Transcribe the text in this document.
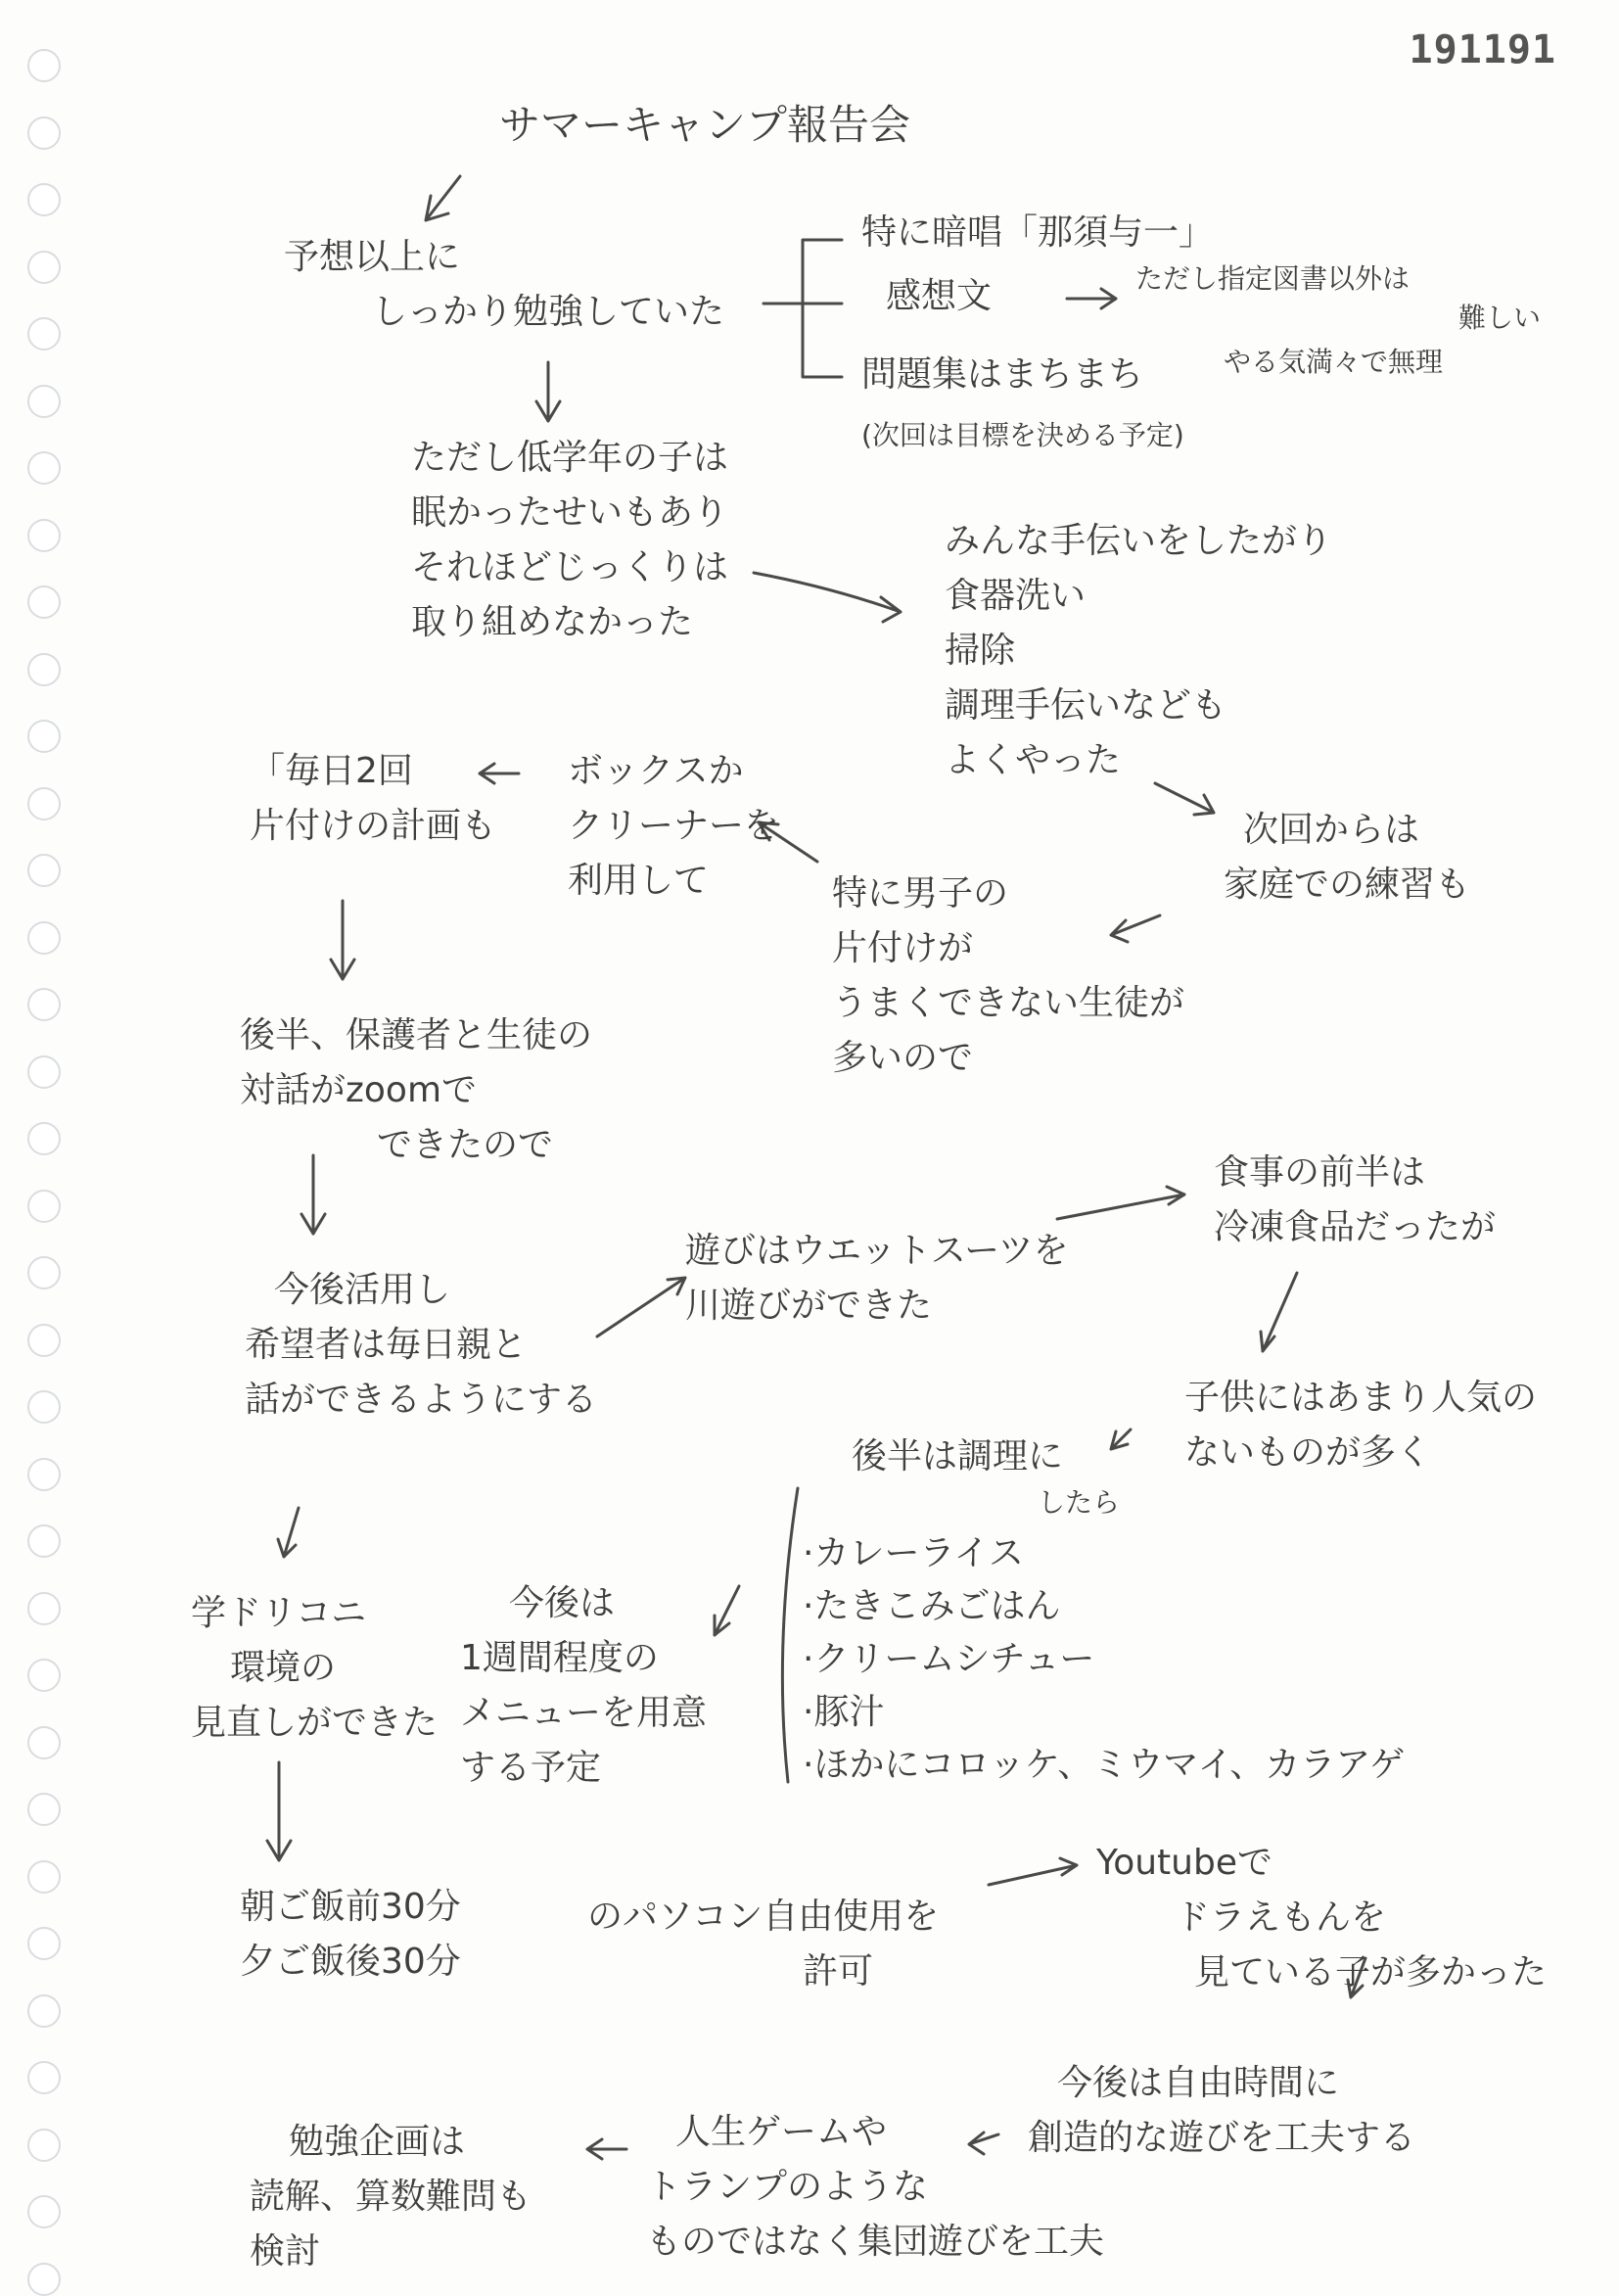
191191
サマーキャンプ報告会
予想以上に
しっかり勉強していた
特に暗唱「那須与一」
感想文	ただし指定図書以外は
難しい
やる気満々で無理
問題集はまちまち
(次回は目標を決める予定)
ただし低学年の子は
眠かったせいもあり
それほどじっくりは
取り組めなかった
みんな手伝いをしたがり
食器洗い
掃除
調理手伝いなども
よくやった
次回からは
家庭での練習も
「毎日2回
片付けの計画も
ボックスか
クリーナーを
利用して	特に男子の
片付けが
うまくできない生徒が
多いので
後半、保護者と生徒の
対話がzoomで
できたので
今後活用し
希望者は毎日親と
話ができるようにする
遊びはウエットスーツを
川遊びができた
食事の前半は
冷凍食品だったが
子供にはあまり人気の
ないものが多く
後半は調理に
したら
· カレーライス
· たきこみごはん
· クリームシチュー
· 豚汁
· ほかにコロッケ、ミウマイ、カラアゲ
今後は
1週間程度の
メニューを用意
する予定
学ドリコニ
環境の
見直しができた
朝ご飯前30分
夕ご飯後30分
のパソコン自由使用を
許可
Youtubeで
ドラえもんを
見ている子が多かった
今後は自由時間に
創造的な遊びを工夫する
人生ゲームや
トランプのような
ものではなく集団遊びを工夫
勉強企画は
読解、算数難問も
検討
